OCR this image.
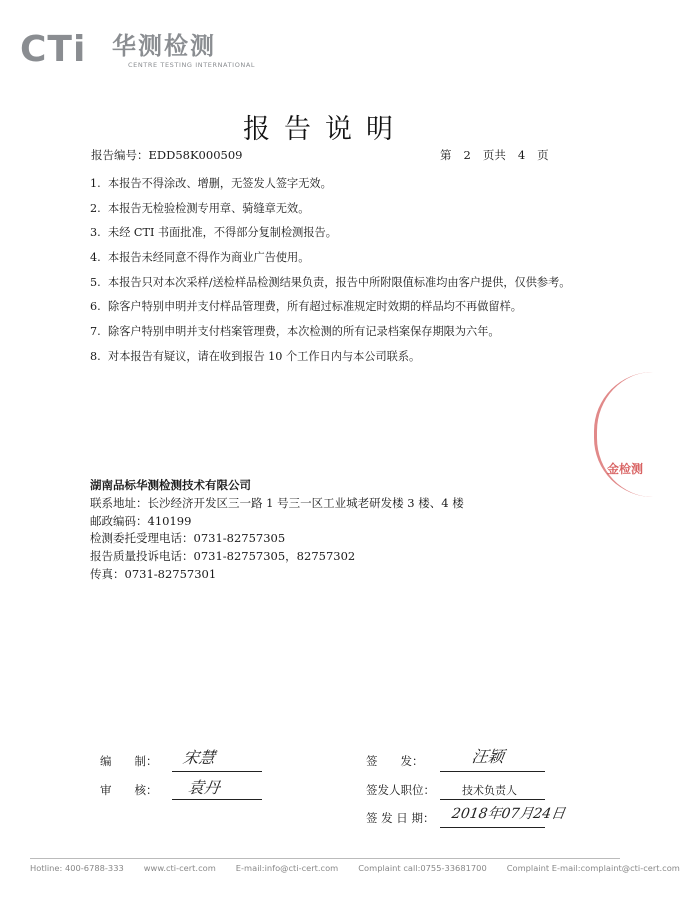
CTi 华测检测
CENTRE TESTING INTERNATIONAL
报告说明
报告编号：EDD58K000509	第 2 页共 4 页
1. 本报告不得涂改、增删，无签发人签字无效。
2. 本报告无检验检测专用章、骑缝章无效。
3. 未经 CTI 书面批准，不得部分复制检测报告。
4. 本报告未经同意不得作为商业广告使用。
5. 本报告只对本次采样/送检样品检测结果负责，报告中所附限值标准均由客户提供，仅供参考。
6. 除客户特别申明并支付样品管理费，所有超过标准规定时效期的样品均不再做留样。
7. 除客户特别申明并支付档案管理费，本次检测的所有记录档案保存期限为六年。
8. 对本报告有疑议，请在收到报告 10 个工作日内与本公司联系。
金检测
湖南品标华测检测技术有限公司
联系地址：长沙经济开发区三一路 1 号三一区工业城老研发楼 3 楼、4 楼
邮政编码：410199
检测委托受理电话：0731-82757305
报告质量投诉电话：0731-82757305，82757302
传真：0731-82757301
编　　制： 宋慧
审　　核： 袁丹
签　　发：	汪颖
签发人职位： 技术负责人
签 发 日 期： 2018年07月24日
Hotline: 400-6788-333 www.cti-cert.com E-mail:info@cti-cert.com Complaint call:0755-33681700 Complaint E-mail:complaint@cti-cert.com
